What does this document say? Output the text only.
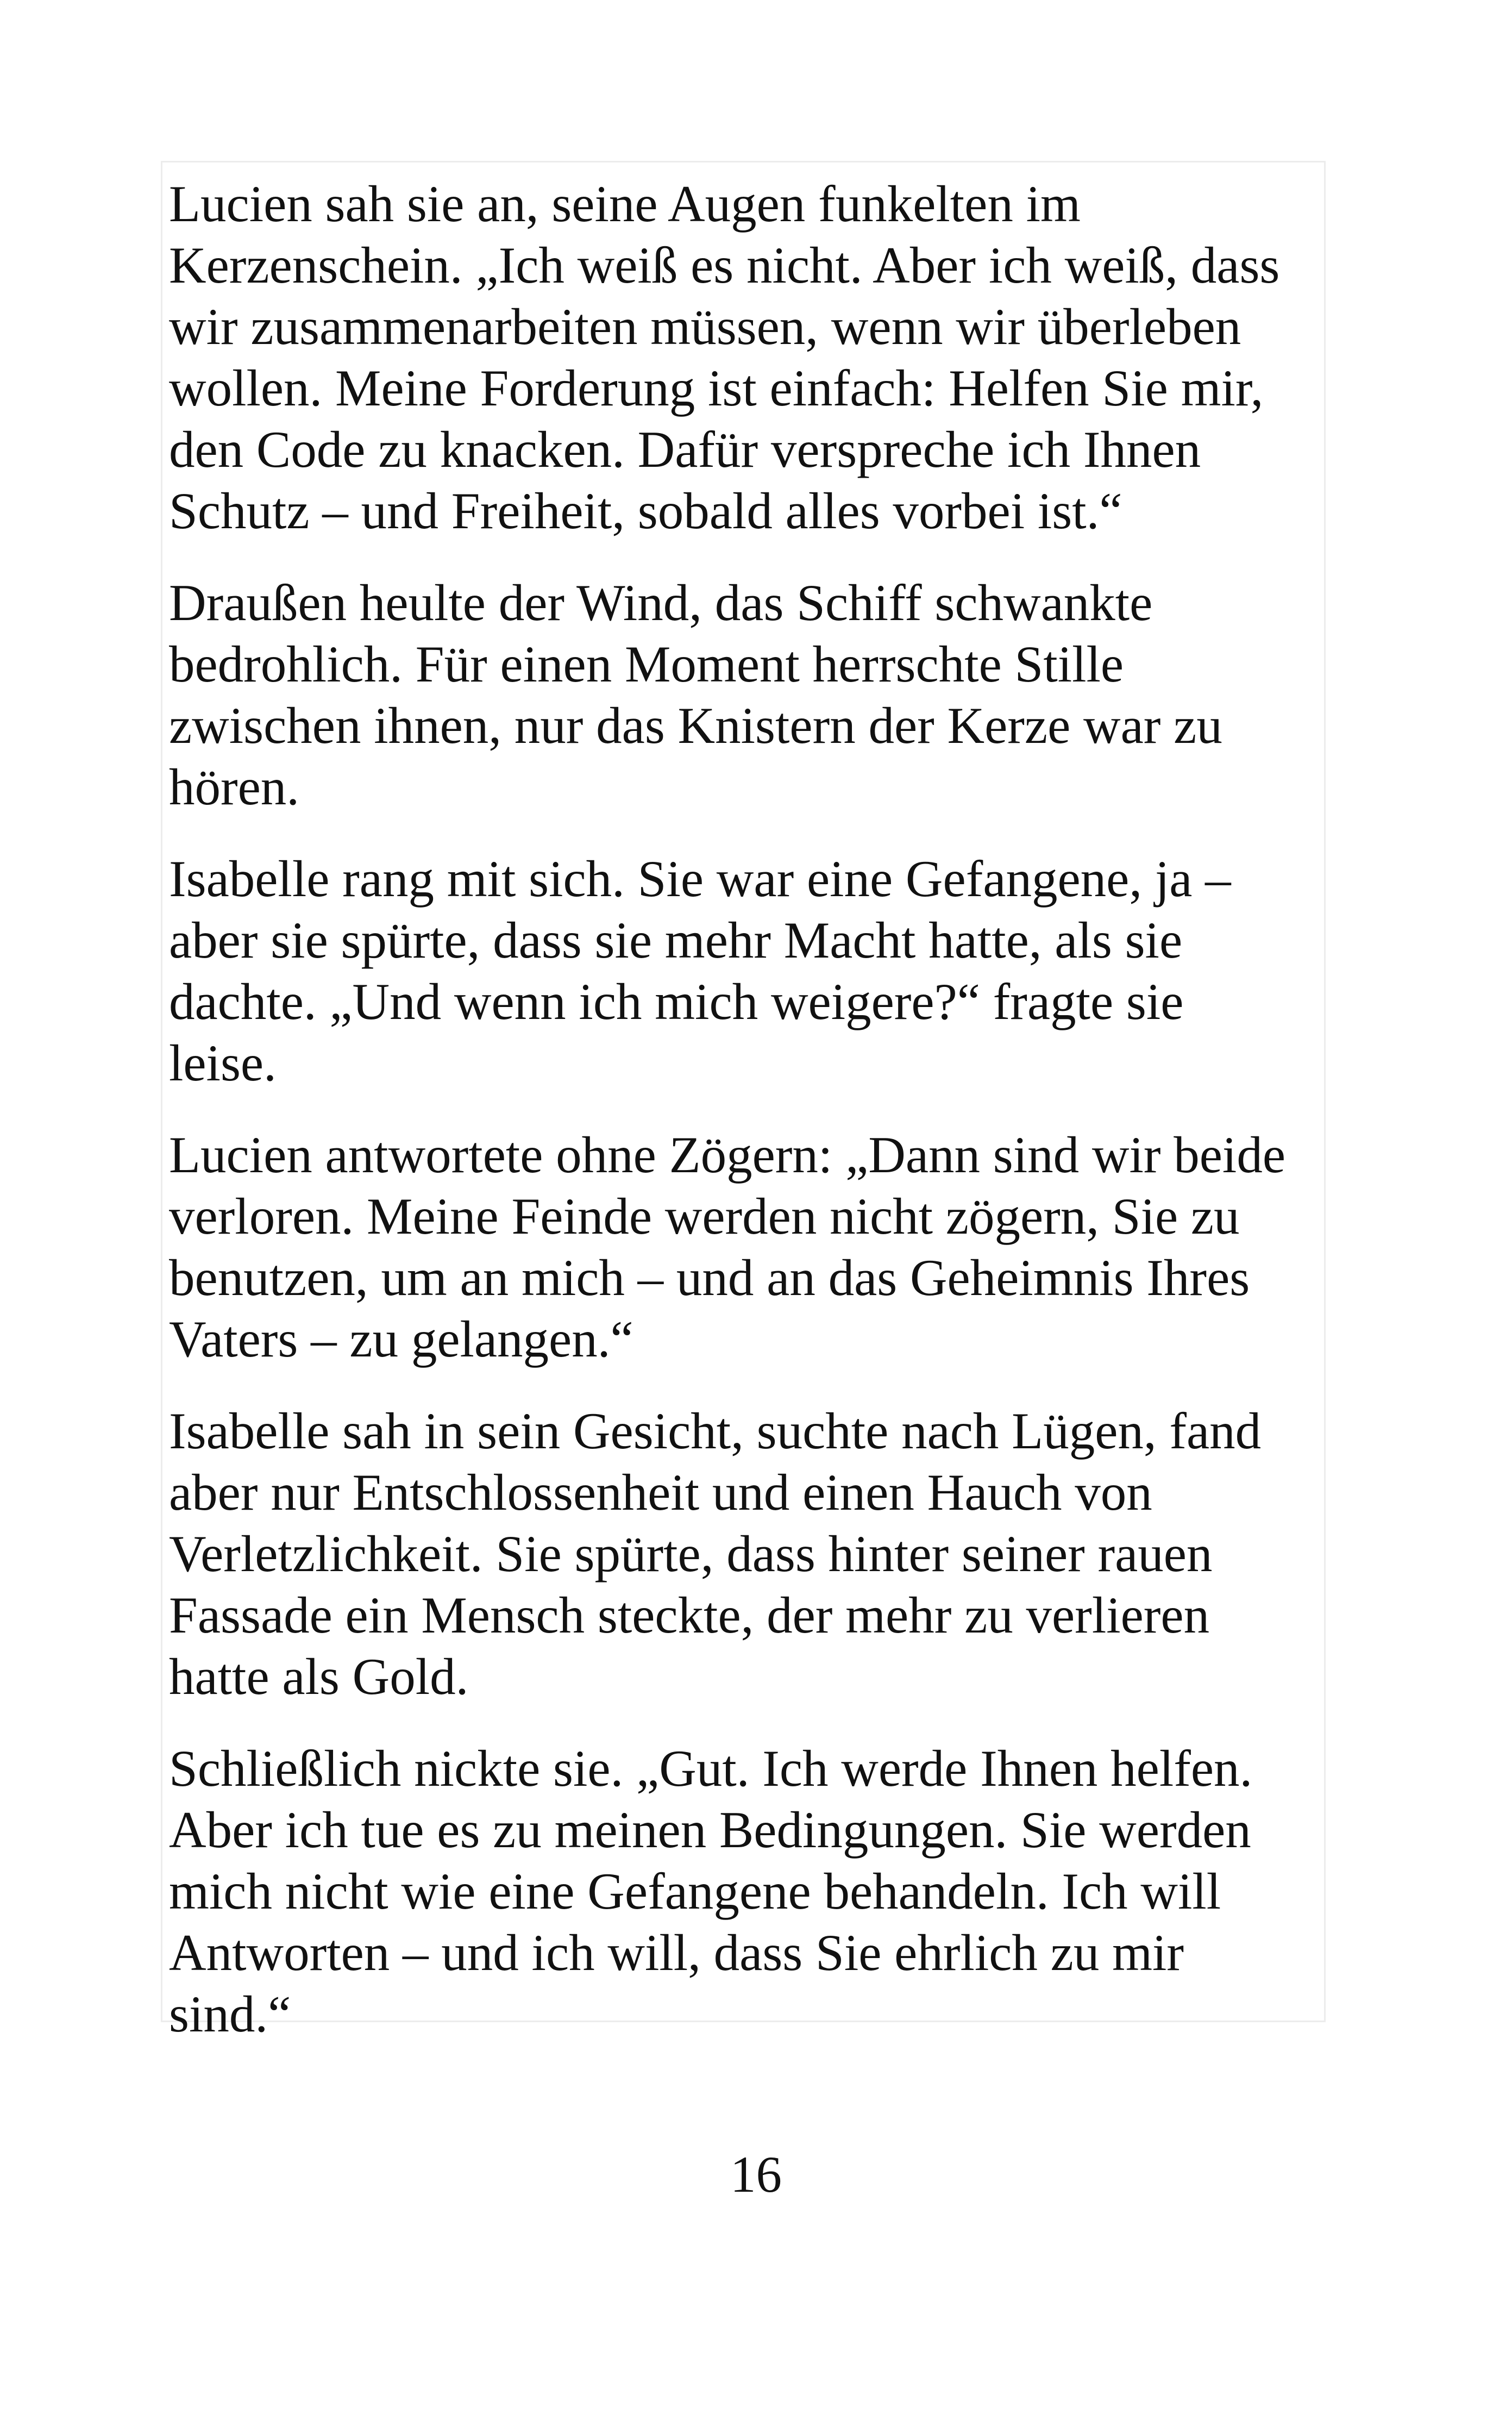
Lucien sah sie an, seine Augen funkelten im
Kerzenschein. „Ich weiß es nicht. Aber ich weiß, dass
wir zusammenarbeiten müssen, wenn wir überleben
wollen. Meine Forderung ist einfach: Helfen Sie mir,
den Code zu knacken. Dafür verspreche ich Ihnen
Schutz – und Freiheit, sobald alles vorbei ist.“

Draußen heulte der Wind, das Schiff schwankte
bedrohlich. Für einen Moment herrschte Stille
zwischen ihnen, nur das Knistern der Kerze war zu
hören.

Isabelle rang mit sich. Sie war eine Gefangene, ja –
aber sie spürte, dass sie mehr Macht hatte, als sie
dachte. „Und wenn ich mich weigere?“ fragte sie
leise.

Lucien antwortete ohne Zögern: „Dann sind wir beide
verloren. Meine Feinde werden nicht zögern, Sie zu
benutzen, um an mich – und an das Geheimnis Ihres
Vaters – zu gelangen.“

Isabelle sah in sein Gesicht, suchte nach Lügen, fand
aber nur Entschlossenheit und einen Hauch von
Verletzlichkeit. Sie spürte, dass hinter seiner rauen
Fassade ein Mensch steckte, der mehr zu verlieren
hatte als Gold.

Schließlich nickte sie. „Gut. Ich werde Ihnen helfen.
Aber ich tue es zu meinen Bedingungen. Sie werden
mich nicht wie eine Gefangene behandeln. Ich will
Antworten – und ich will, dass Sie ehrlich zu mir
sind.“

16
